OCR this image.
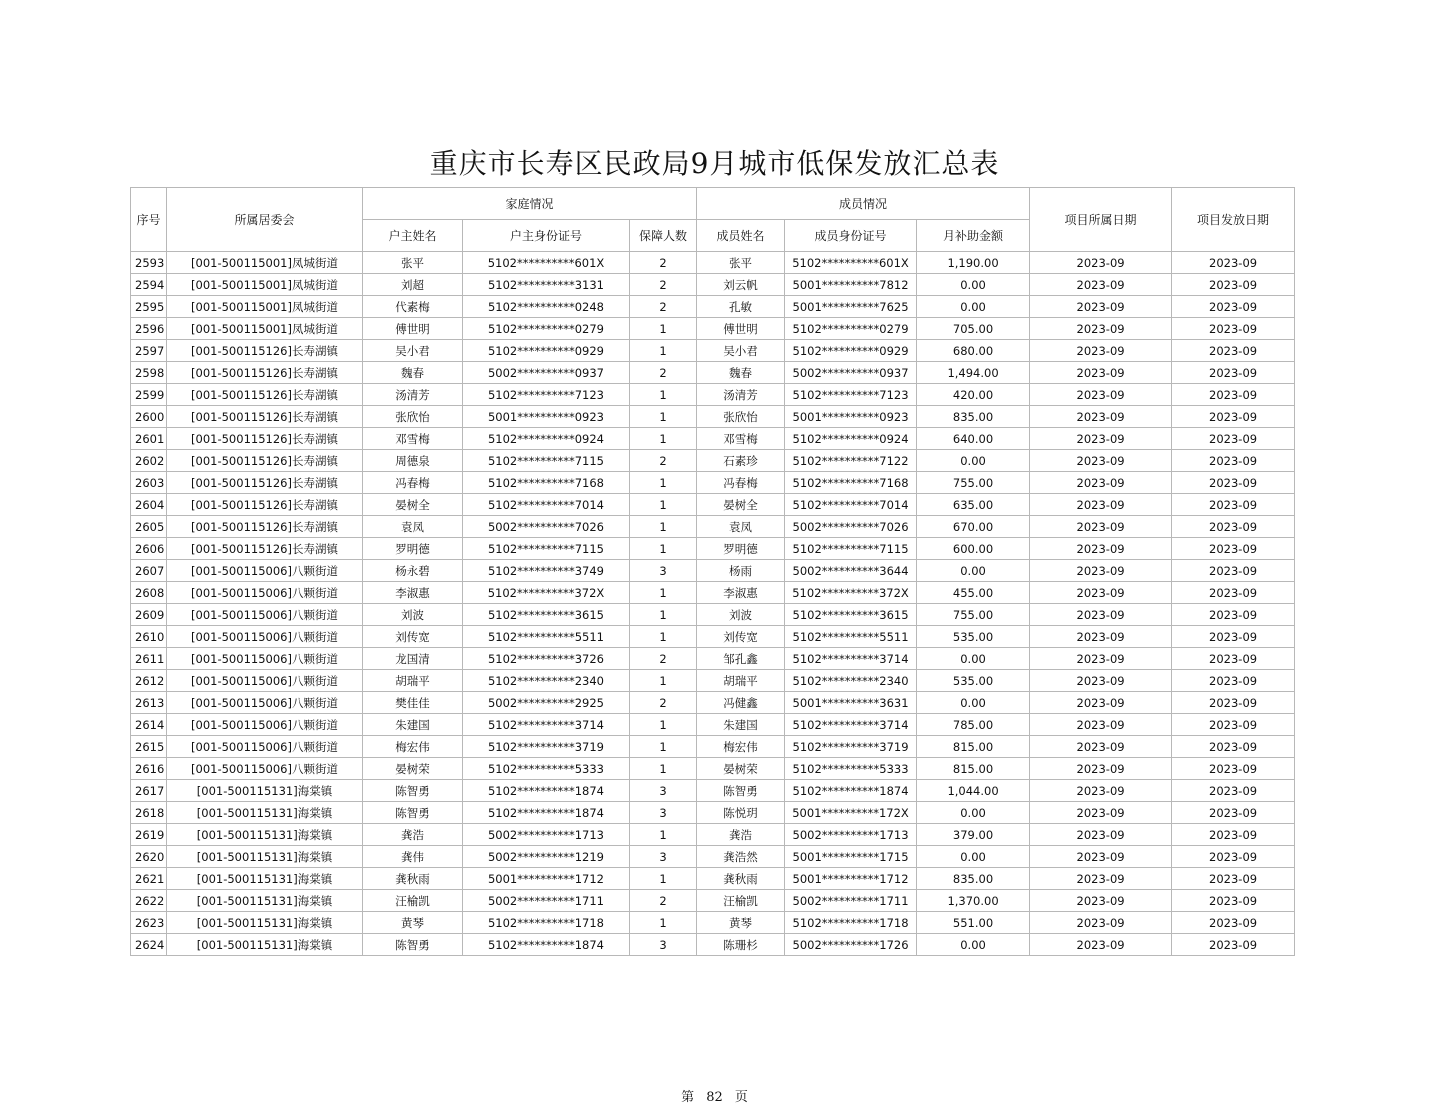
重庆市长寿区民政局9月城市低保发放汇总表
序号	所属居委会	家庭情况			成员情况			项目所属日期	项目发放日期
		户主姓名	户主身份证号	保障人数	成员姓名	成员身份证号	月补助金额		
2593	[001-500115001]凤城街道	张平	5102**********601X	2	张平	5102**********601X	1,190.00	2023-09	2023-09
2594	[001-500115001]凤城街道	刘超	5102**********3131	2	刘云帆	5001**********7812	0.00	2023-09	2023-09
2595	[001-500115001]凤城街道	代素梅	5102**********0248	2	孔敏	5001**********7625	0.00	2023-09	2023-09
2596	[001-500115001]凤城街道	傅世明	5102**********0279	1	傅世明	5102**********0279	705.00	2023-09	2023-09
2597	[001-500115126]长寿湖镇	吴小君	5102**********0929	1	吴小君	5102**********0929	680.00	2023-09	2023-09
2598	[001-500115126]长寿湖镇	魏春	5002**********0937	2	魏春	5002**********0937	1,494.00	2023-09	2023-09
2599	[001-500115126]长寿湖镇	汤清芳	5102**********7123	1	汤清芳	5102**********7123	420.00	2023-09	2023-09
2600	[001-500115126]长寿湖镇	张欣怡	5001**********0923	1	张欣怡	5001**********0923	835.00	2023-09	2023-09
2601	[001-500115126]长寿湖镇	邓雪梅	5102**********0924	1	邓雪梅	5102**********0924	640.00	2023-09	2023-09
2602	[001-500115126]长寿湖镇	周德泉	5102**********7115	2	石素珍	5102**********7122	0.00	2023-09	2023-09
2603	[001-500115126]长寿湖镇	冯春梅	5102**********7168	1	冯春梅	5102**********7168	755.00	2023-09	2023-09
2604	[001-500115126]长寿湖镇	晏树全	5102**********7014	1	晏树全	5102**********7014	635.00	2023-09	2023-09
2605	[001-500115126]长寿湖镇	袁凤	5002**********7026	1	袁凤	5002**********7026	670.00	2023-09	2023-09
2606	[001-500115126]长寿湖镇	罗明德	5102**********7115	1	罗明德	5102**********7115	600.00	2023-09	2023-09
2607	[001-500115006]八颗街道	杨永碧	5102**********3749	3	杨雨	5002**********3644	0.00	2023-09	2023-09
2608	[001-500115006]八颗街道	李淑惠	5102**********372X	1	李淑惠	5102**********372X	455.00	2023-09	2023-09
2609	[001-500115006]八颗街道	刘波	5102**********3615	1	刘波	5102**********3615	755.00	2023-09	2023-09
2610	[001-500115006]八颗街道	刘传宽	5102**********5511	1	刘传宽	5102**********5511	535.00	2023-09	2023-09
2611	[001-500115006]八颗街道	龙国清	5102**********3726	2	邹孔鑫	5102**********3714	0.00	2023-09	2023-09
2612	[001-500115006]八颗街道	胡瑞平	5102**********2340	1	胡瑞平	5102**********2340	535.00	2023-09	2023-09
2613	[001-500115006]八颗街道	樊佳佳	5002**********2925	2	冯健鑫	5001**********3631	0.00	2023-09	2023-09
2614	[001-500115006]八颗街道	朱建国	5102**********3714	1	朱建国	5102**********3714	785.00	2023-09	2023-09
2615	[001-500115006]八颗街道	梅宏伟	5102**********3719	1	梅宏伟	5102**********3719	815.00	2023-09	2023-09
2616	[001-500115006]八颗街道	晏树荣	5102**********5333	1	晏树荣	5102**********5333	815.00	2023-09	2023-09
2617	[001-500115131]海棠镇	陈智勇	5102**********1874	3	陈智勇	5102**********1874	1,044.00	2023-09	2023-09
2618	[001-500115131]海棠镇	陈智勇	5102**********1874	3	陈悦玥	5001**********172X	0.00	2023-09	2023-09
2619	[001-500115131]海棠镇	龚浩	5002**********1713	1	龚浩	5002**********1713	379.00	2023-09	2023-09
2620	[001-500115131]海棠镇	龚伟	5002**********1219	3	龚浩然	5001**********1715	0.00	2023-09	2023-09
2621	[001-500115131]海棠镇	龚秋雨	5001**********1712	1	龚秋雨	5001**********1712	835.00	2023-09	2023-09
2622	[001-500115131]海棠镇	汪榆凯	5002**********1711	2	汪榆凯	5002**********1711	1,370.00	2023-09	2023-09
2623	[001-500115131]海棠镇	黄琴	5102**********1718	1	黄琴	5102**********1718	551.00	2023-09	2023-09
2624	[001-500115131]海棠镇	陈智勇	5102**********1874	3	陈珊杉	5002**********1726	0.00	2023-09	2023-09
第 82 页
